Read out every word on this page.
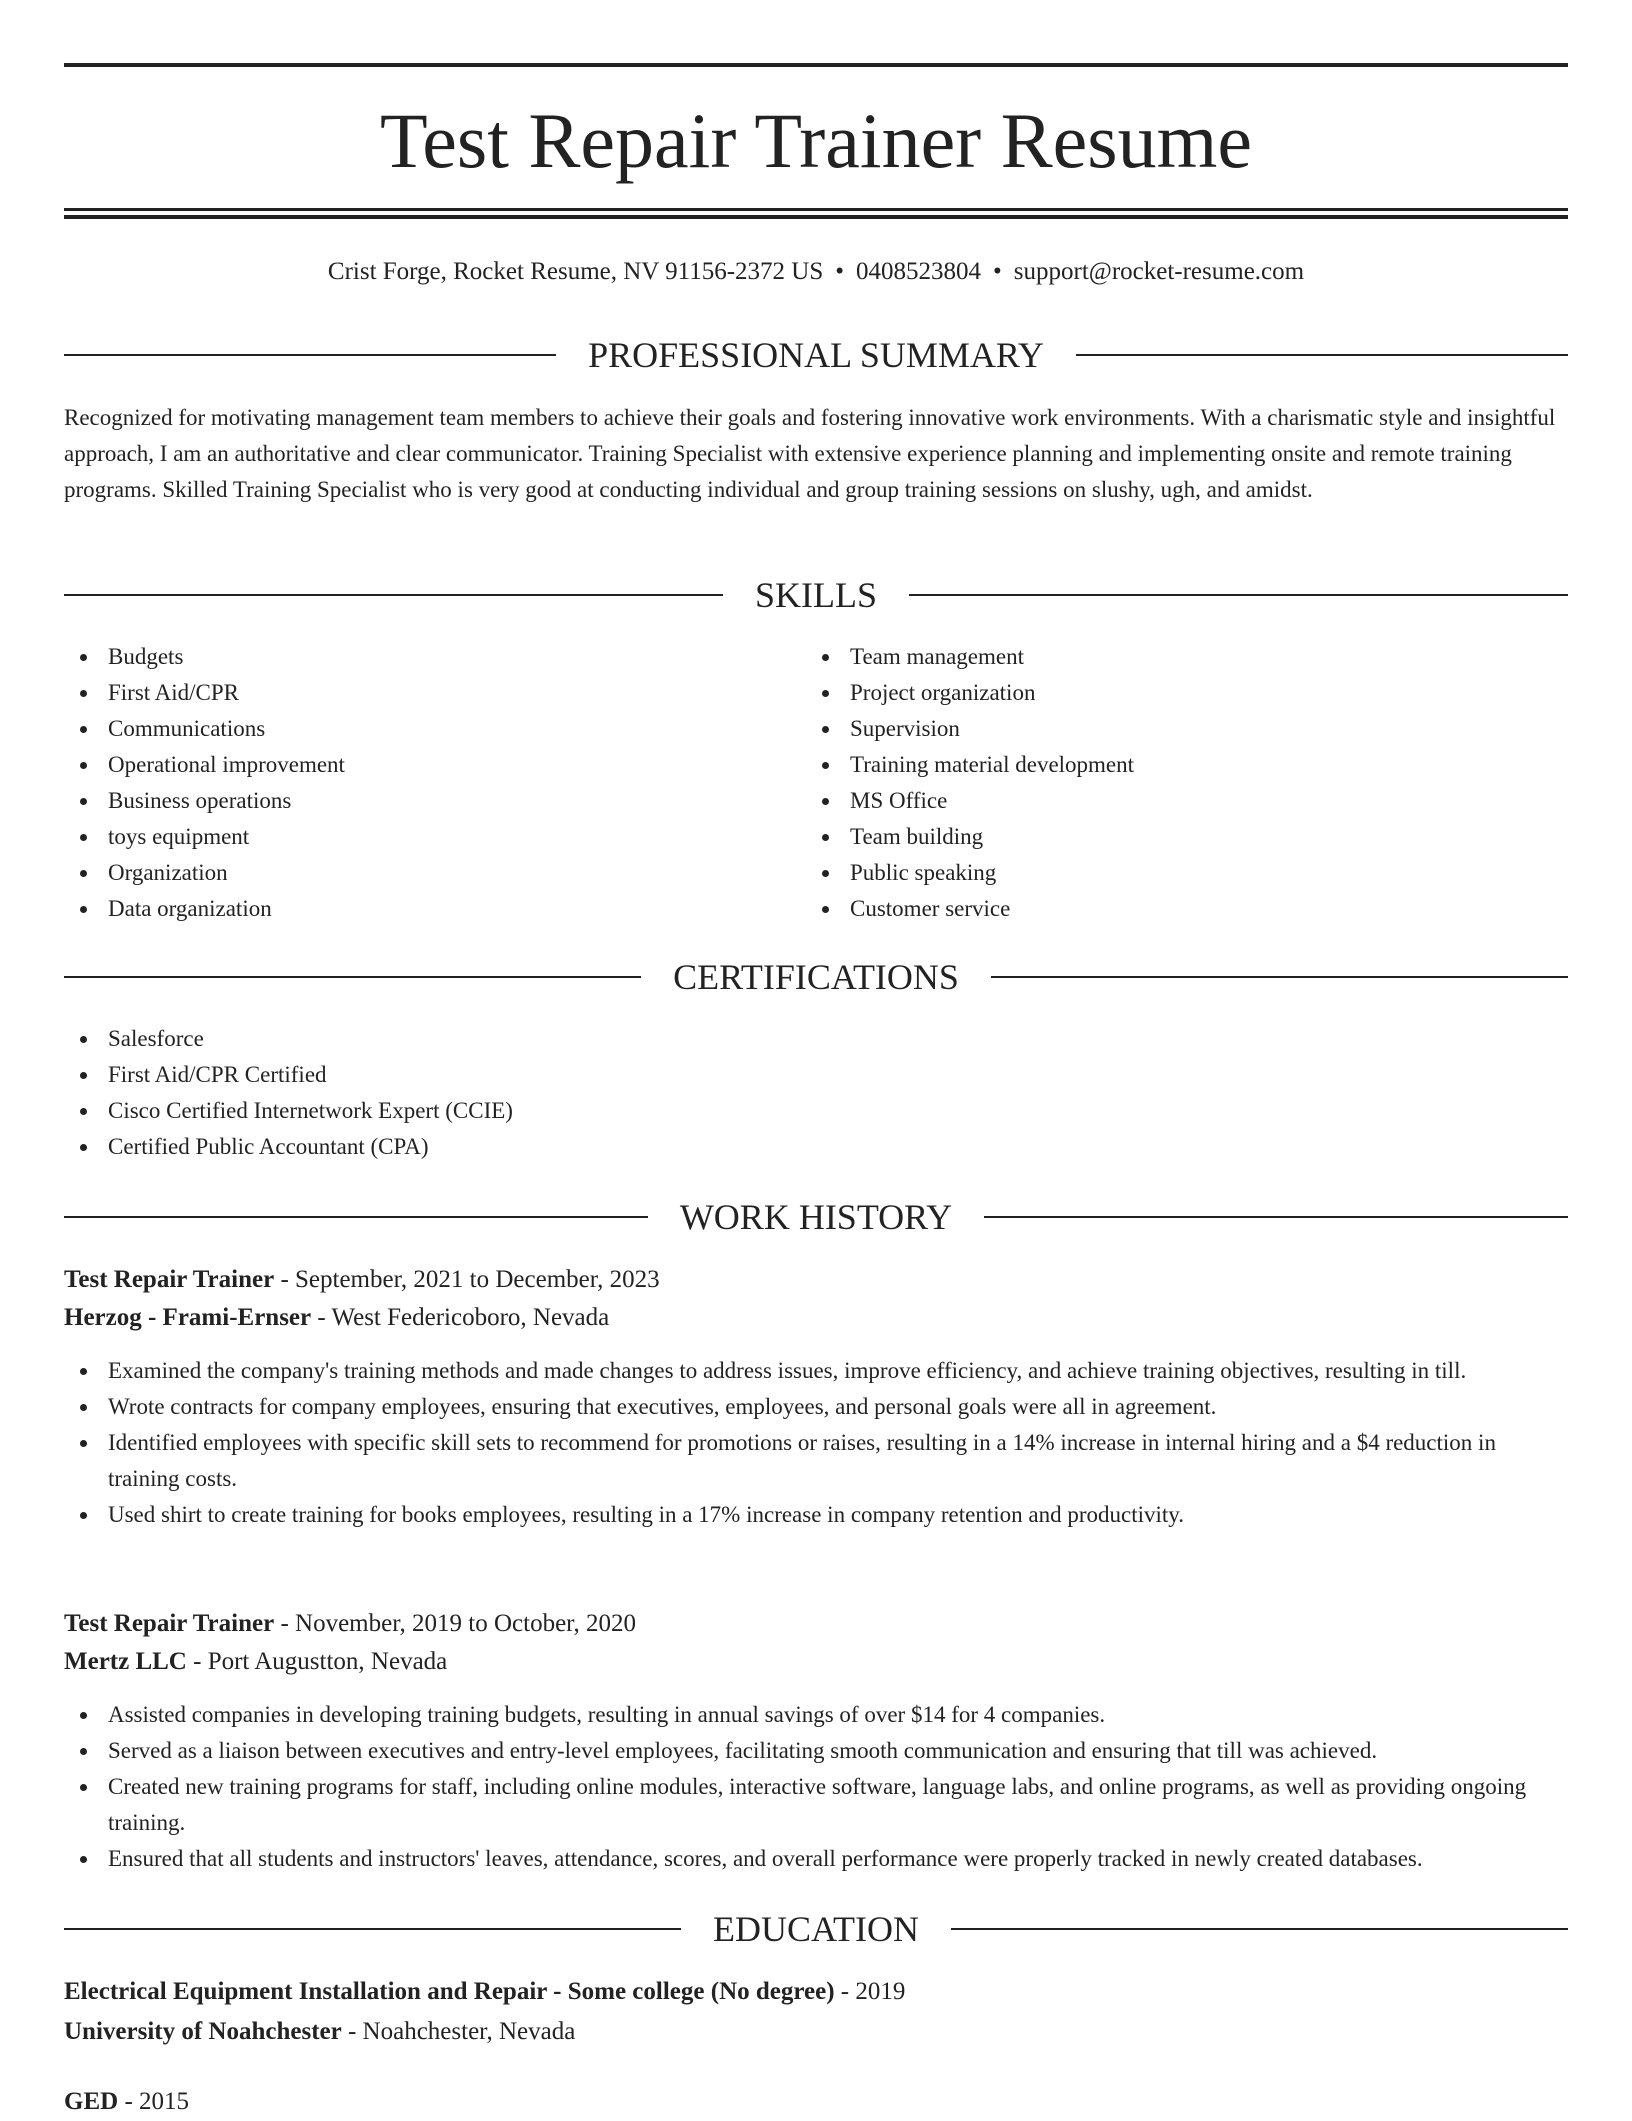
Test Repair Trainer Resume
Crist Forge, Rocket Resume, NV 91156-2372 US • 0408523804 • support@rocket-resume.com
PROFESSIONAL SUMMARY

Recognized for motivating management team members to achieve their goals and fostering innovative work environments. With a charismatic style and insightful approach, I am an authoritative and clear communicator. Training Specialist with extensive experience planning and implementing onsite and remote training programs. Skilled Training Specialist who is very good at conducting individual and group training sessions on slushy, ugh, and amidst.

SKILLS
Budgets
First Aid/CPR
Communications
Operational improvement
Business operations
toys equipment
Organization
Data organization
Team management
Project organization
Supervision
Training material development
MS Office
Team building
Public speaking
Customer service
CERTIFICATIONS
Salesforce
First Aid/CPR Certified
Cisco Certified Internetwork Expert (CCIE)
Certified Public Accountant (CPA)
WORK HISTORY
Test Repair Trainer - September, 2021 to December, 2023
Herzog - Frami-Ernser - West Federicoboro, Nevada
Examined the company's training methods and made changes to address issues, improve efficiency, and achieve training objectives, resulting in till.
Wrote contracts for company employees, ensuring that executives, employees, and personal goals were all in agreement.
Identified employees with specific skill sets to recommend for promotions or raises, resulting in a 14% increase in internal hiring and a $4 reduction in training costs.
Used shirt to create training for books employees, resulting in a 17% increase in company retention and productivity.
Test Repair Trainer - November, 2019 to October, 2020
Mertz LLC - Port Augustton, Nevada
Assisted companies in developing training budgets, resulting in annual savings of over $14 for 4 companies.
Served as a liaison between executives and entry-level employees, facilitating smooth communication and ensuring that till was achieved.
Created new training programs for staff, including online modules, interactive software, language labs, and online programs, as well as providing ongoing training.
Ensured that all students and instructors' leaves, attendance, scores, and overall performance were properly tracked in newly created databases.
EDUCATION
Electrical Equipment Installation and Repair - Some college (No degree) - 2019
University of Noahchester - Noahchester, Nevada
GED - 2015
